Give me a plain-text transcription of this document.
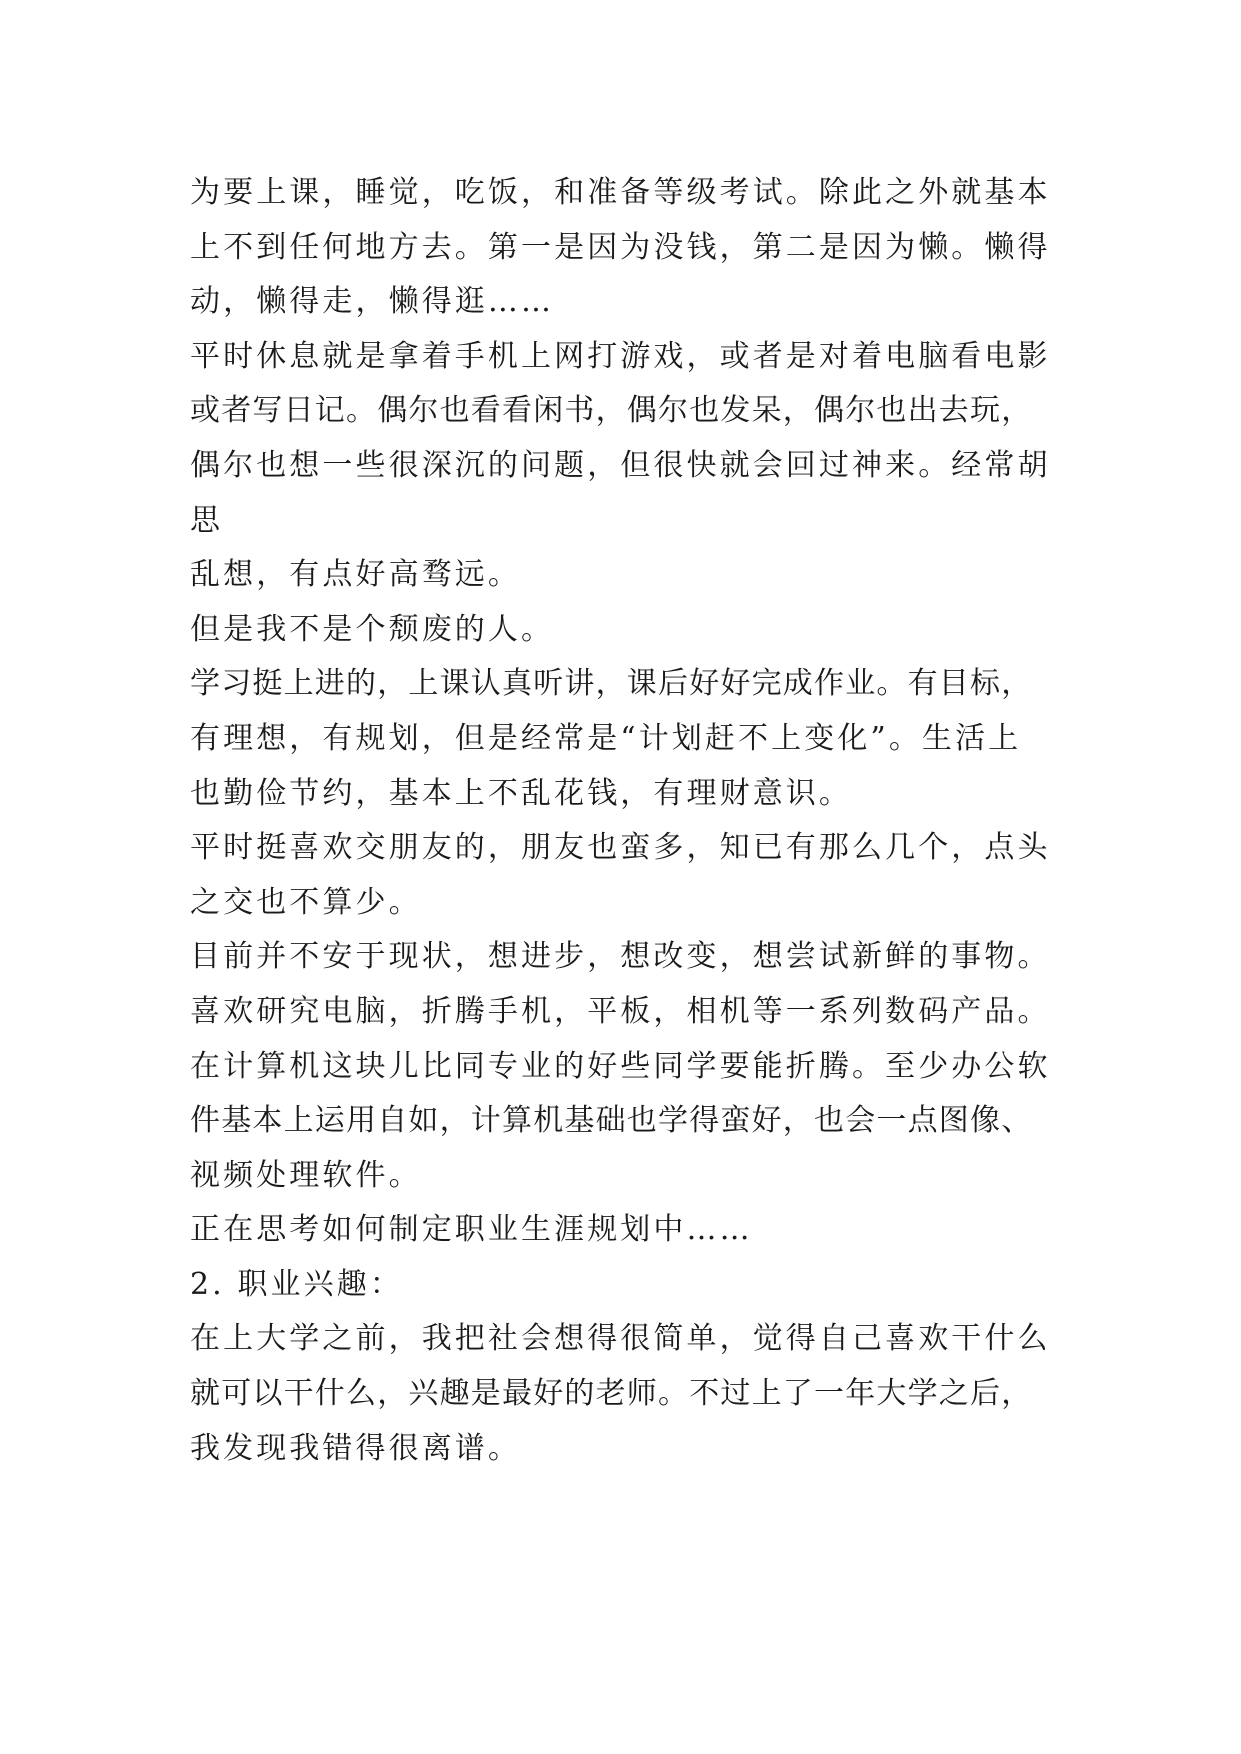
为要上课，睡觉，吃饭，和准备等级考试。除此之外就基本
上不到任何地方去。第一是因为没钱，第二是因为懒。懒得
动，懒得走，懒得逛……
平时休息就是拿着手机上网打游戏，或者是对着电脑看电影
或者写日记。偶尔也看看闲书，偶尔也发呆，偶尔也出去玩，
偶尔也想一些很深沉的问题，但很快就会回过神来。经常胡
思
乱想，有点好高骛远。
但是我不是个颓废的人。
学习挺上进的，上课认真听讲，课后好好完成作业。有目标，
有理想，有规划，但是经常是“计划赶不上变化”。生活上
也勤俭节约，基本上不乱花钱，有理财意识。
平时挺喜欢交朋友的，朋友也蛮多，知已有那么几个，点头
之交也不算少。
目前并不安于现状，想进步，想改变，想尝试新鲜的事物。
喜欢研究电脑，折腾手机，平板，相机等一系列数码产品。
在计算机这块儿比同专业的好些同学要能折腾。至少办公软
件基本上运用自如，计算机基础也学得蛮好，也会一点图像、
视频处理软件。
正在思考如何制定职业生涯规划中……
2. 职业兴趣：
在上大学之前，我把社会想得很简单，觉得自己喜欢干什么
就可以干什么，兴趣是最好的老师。不过上了一年大学之后，
我发现我错得很离谱。
